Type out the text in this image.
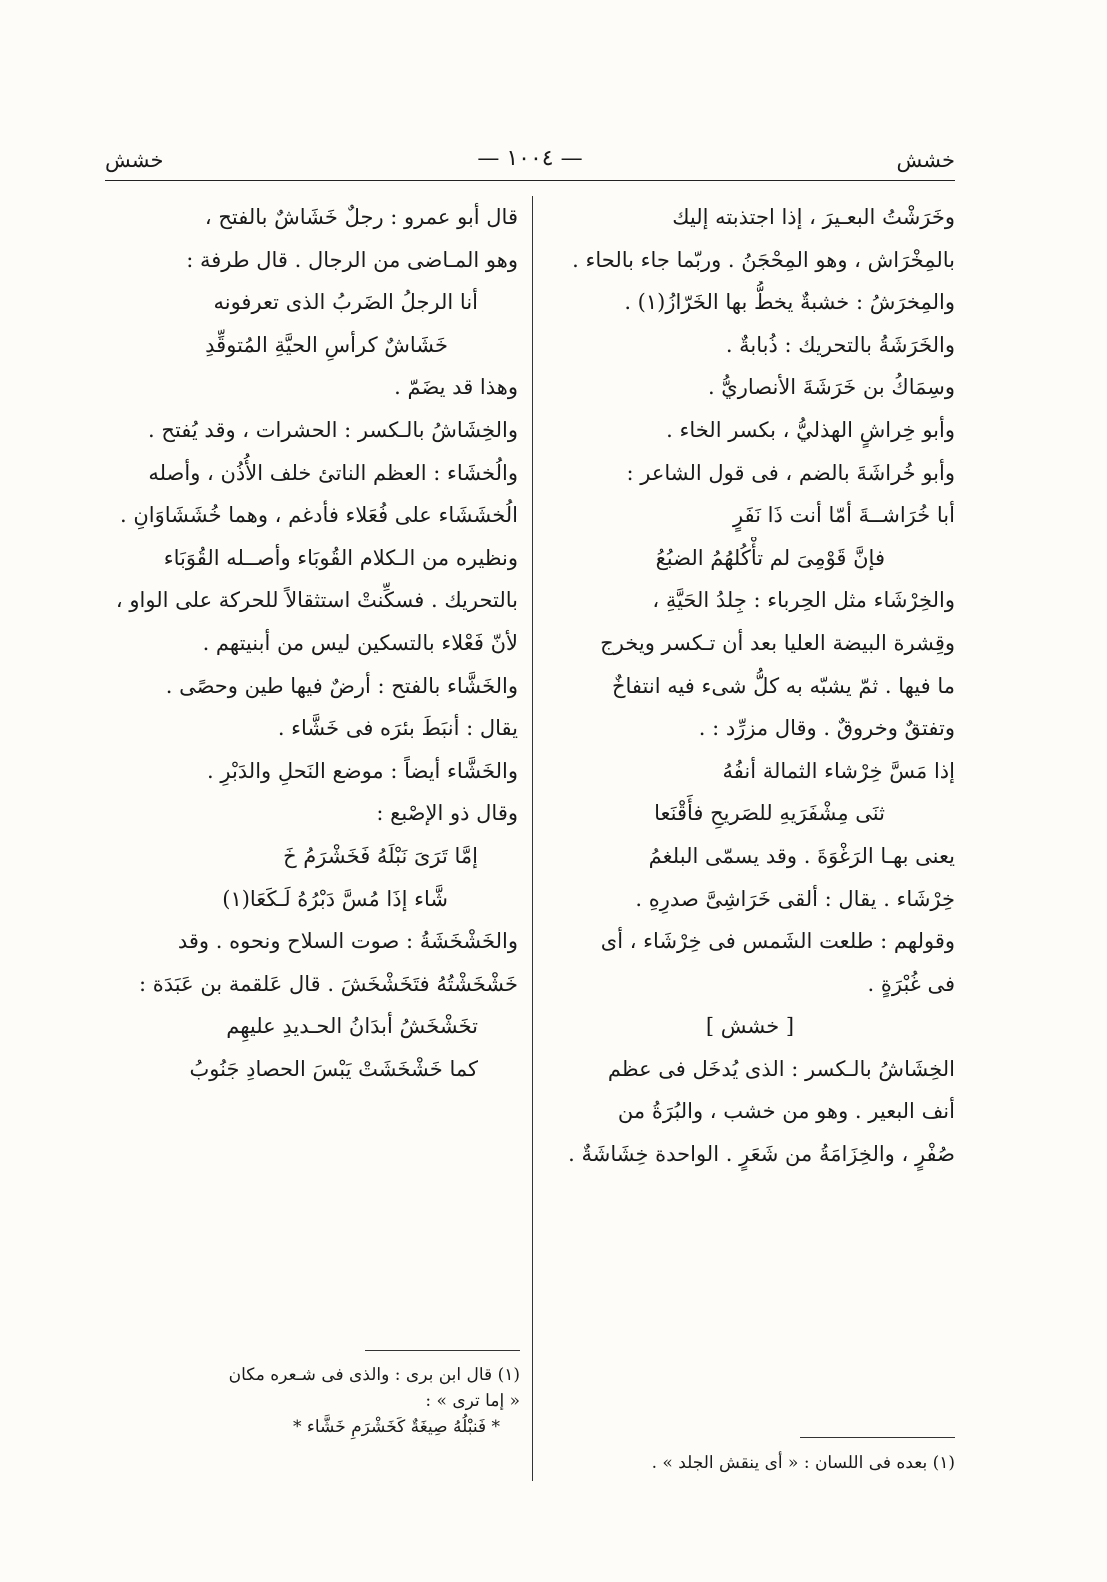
خشش
— ١٠٠٤ —
خشش
وخَرَشْتُ البعـيرَ ، إذا اجتذبته إليك
بالمِخْرَاش ، وهو المِحْجَنُ . وربّما جاء بالحاء .
والمِخرَشُ : خشبةٌ يخطُّ بها الخَرّازُ(١) .
والخَرَشَةُ بالتحريك : ذُبابةٌ .
وسِمَاكُ بن خَرَشَةَ الأنصاريُّ .
وأبو خِراشٍ الهذليُّ ، بكسر الخاء .
وأبو خُراشَةَ بالضم ، فى قول الشاعر :
أبا خُرَاشــةَ أمّا أنت ذَا نَفَرٍ
فإنَّ قَوْمِىَ لم تأْكُلهُمُ الضبُعُ
والخِرْشَاء مثل الحِرباء : جِلدُ الحَيَّةِ ،
وقِشرة البيضة العليا بعد أن تـكسر ويخرج
ما فيها . ثمّ يشبّه به كلُّ شىء فيه انتفاخٌ
وتفتقٌ وخروقٌ . وقال مزرِّد : .
إذا مَسَّ خِرْشاء الثمالة أنفُهُ
ثنَى مِشْفَرَيهِ للصَريحِ فأَقْنَعا
يعنى بهـا الرَغْوَةَ . وقد يسمّى البلغمُ
خِرْشَاء . يقال : ألقى خَرَاشِىَّ صدرِهِ .
وقولهم : طلعت الشَمس فى خِرْشَاء ، أى
فى غُبْرَةٍ .
[ خشش ]
الخِشَاشُ بالـكسر : الذى يُدخَل فى عظم
أنف البعير . وهو من خشب ، والبُرَةُ من
صُفْرٍ ، والخِزَامَةُ من شَعَرٍ . الواحدة خِشَاشَةٌ .
قال أبو عمرو : رجلٌ خَشَاشٌ بالفتح ،
وهو المـاضى من الرجال . قال طرفة :
أنا الرجلُ الضَربُ الذى تعرفونه
خَشَاشٌ كرأسِ الحيَّةِ المُتوقِّدِ
وهذا قد يضَمّ .
والخِشَاشُ بالـكسر : الحشرات ، وقد يُفتح .
والُخشَاء : العظم الناتئ خلف الأُذُن ، وأصله
الُخشَشَاء على فُعَلاء فأدغم ، وهما خُشَشَاوَانِ .
ونظيره من الـكلام القُوبَاء وأصــله القُوَبَاء
بالتحريك . فسكِّنتْ استثقالاً للحركة على الواو ،
لأنّ فَعْلاء بالتسكين ليس من أبنيتهم .
والخَشَّاء بالفتح : أرضٌ فيها طين وحصًى .
يقال : أنبَطَ بئرَه فى خَشَّاء .
والخَشَّاء أيضاً : موضع النَحلِ والدَبْرِ .
وقال ذو الإصْبع :
إمَّا تَرَىَ نَبْلَهُ فَخَشْرَمُ خَ
شَّاء إذَا مُسَّ دَبْرُهُ لَـكَعَا(١)
والخَشْخَشَةُ : صوت السلاح ونحوه . وقد
خَشْخَشْتُهُ فتَخَشْخَشَ . قال عَلقمة بن عَبَدَة :
تخَشْخَشُ أبدَانُ الحـديدِ عليهِم
كما خَشْخَشَتْ يَبْسَ الحصادِ جَنُوبُ
(١) قال ابن برى : والذى فى شـعره مكان
« إما ترى » :
* فَنبْلُهُ صِيغَةٌ كَخَشْرَمِ خَشَّاء *
(١) بعده فى اللسان : « أى ينقش الجلد » .
